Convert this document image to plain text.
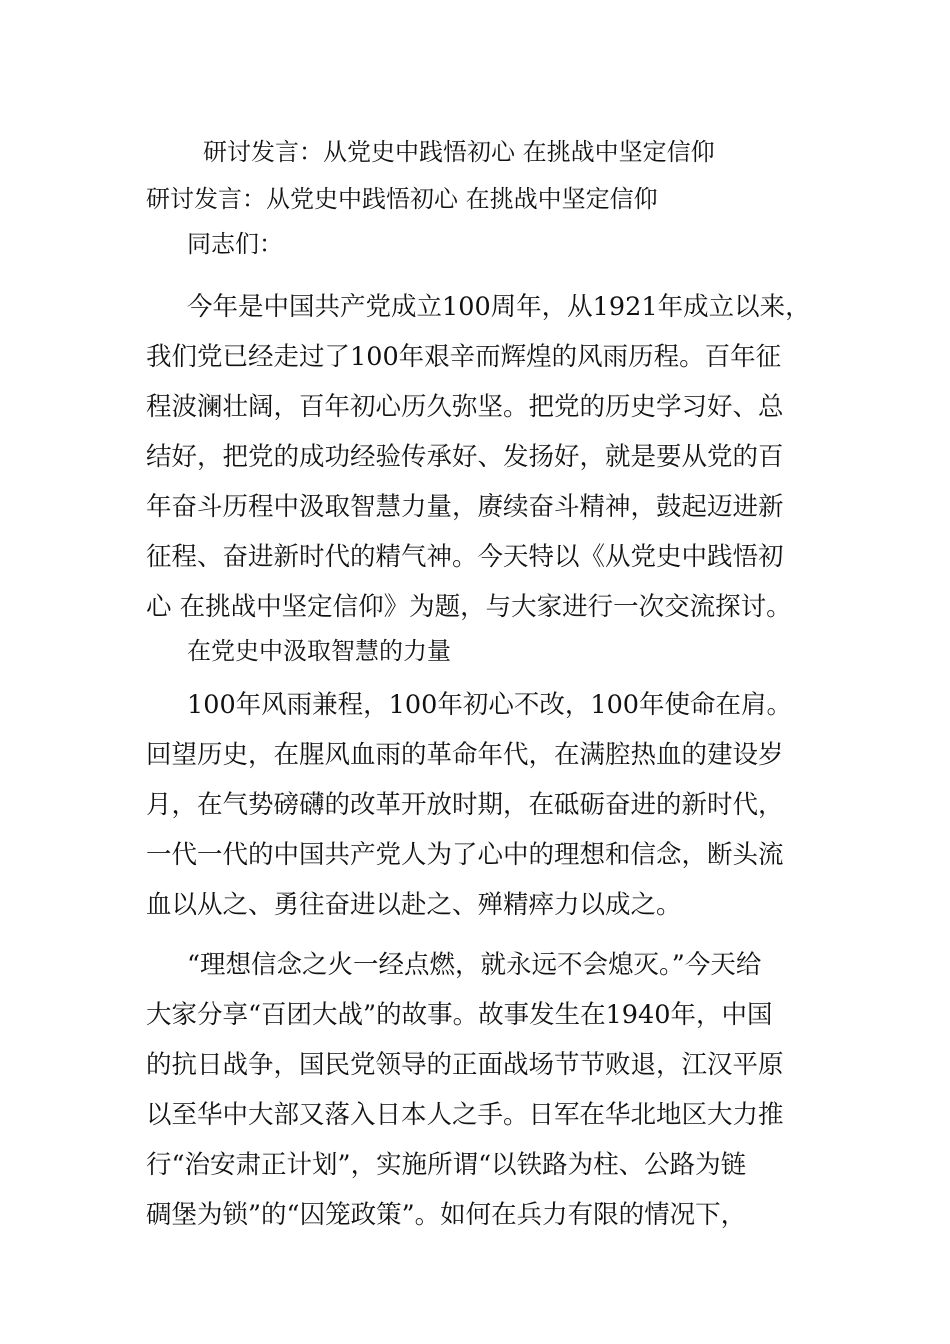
研讨发言：从党史中践悟初心 在挑战中坚定信仰
研讨发言：从党史中践悟初心 在挑战中坚定信仰
同志们：
今年是中国共产党成立100周年，从1921年成立以来，
我们党已经走过了100年艰辛而辉煌的风雨历程。百年征
程波澜壮阔，百年初心历久弥坚。把党的历史学习好、总
结好，把党的成功经验传承好、发扬好，就是要从党的百
年奋斗历程中汲取智慧力量，赓续奋斗精神，鼓起迈进新
征程、奋进新时代的精气神。今天特以《从党史中践悟初
心 在挑战中坚定信仰》为题，与大家进行一次交流探讨。
在党史中汲取智慧的力量
100年风雨兼程，100年初心不改，100年使命在肩。
回望历史，在腥风血雨的革命年代，在满腔热血的建设岁
月，在气势磅礴的改革开放时期，在砥砺奋进的新时代，
一代一代的中国共产党人为了心中的理想和信念，断头流
血以从之、勇往奋进以赴之、殚精瘁力以成之。
“理想信念之火一经点燃，就永远不会熄灭。”今天给
大家分享“百团大战”的故事。故事发生在1940年，中国
的抗日战争，国民党领导的正面战场节节败退，江汉平原
以至华中大部又落入日本人之手。日军在华北地区大力推
行“治安肃正计划”，实施所谓“以铁路为柱、公路为链
碉堡为锁”的“囚笼政策”。如何在兵力有限的情况下，
